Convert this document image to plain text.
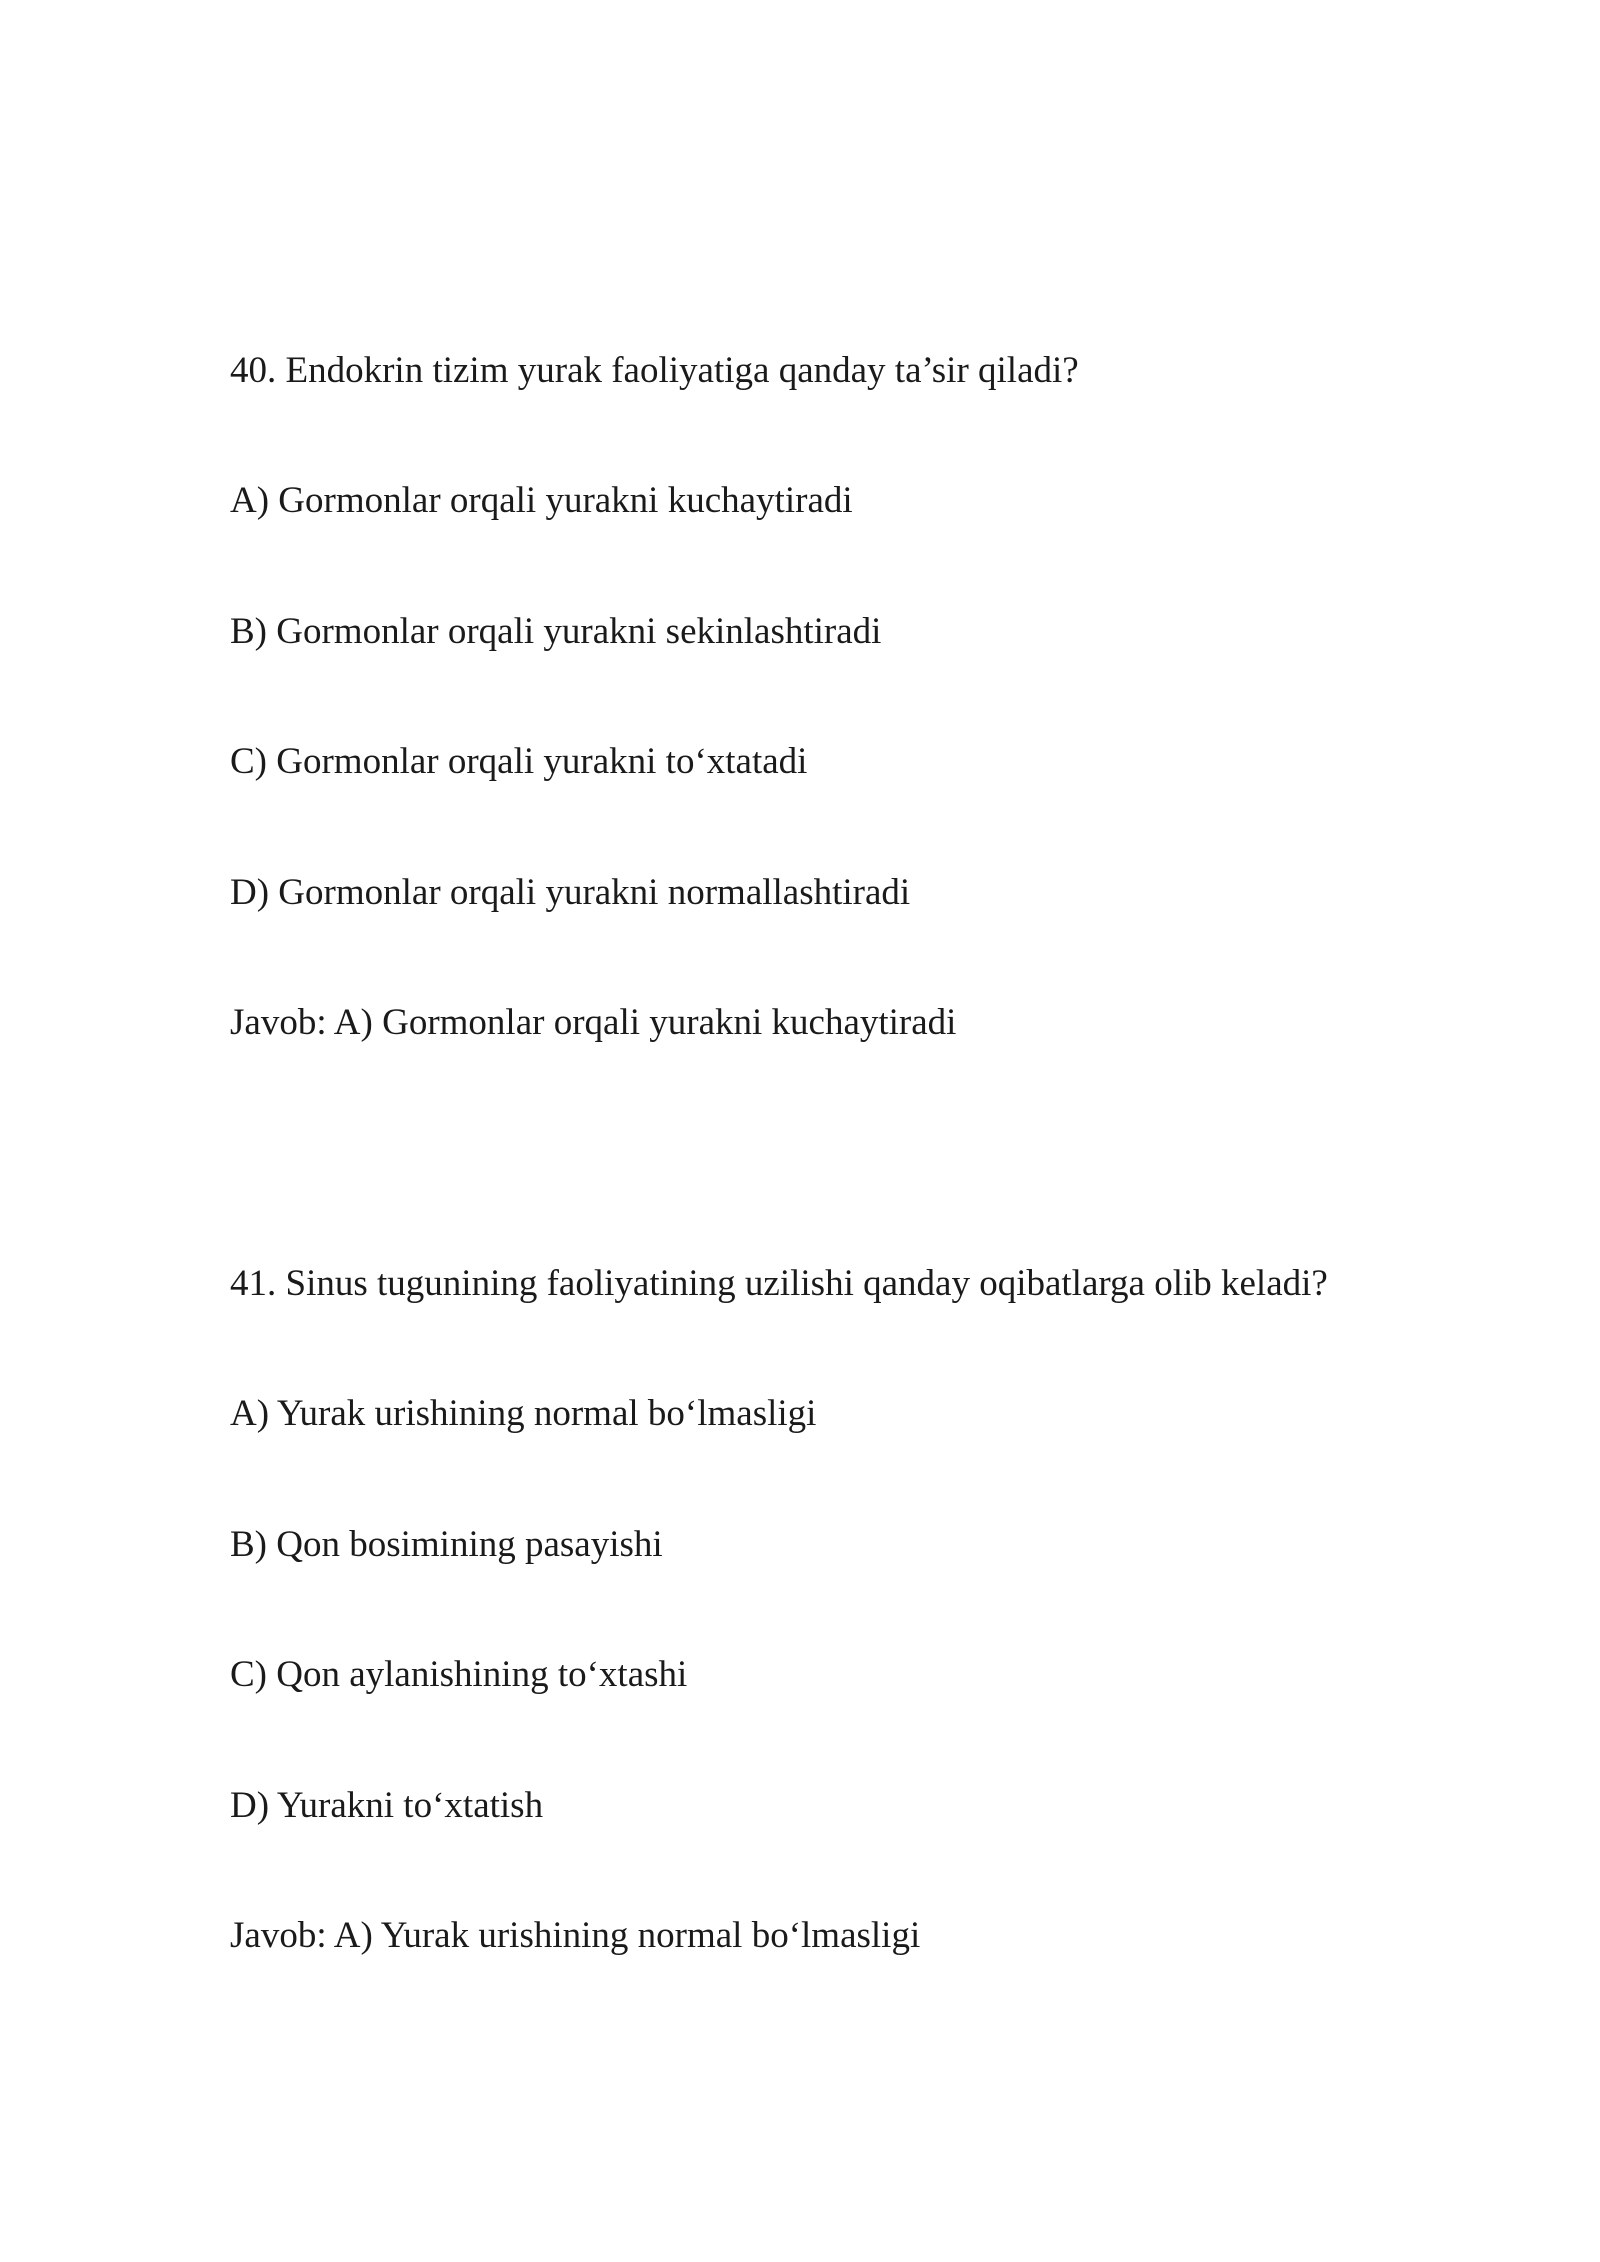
40. Endokrin tizim yurak faoliyatiga qanday ta’sir qiladi?
A) Gormonlar orqali yurakni kuchaytiradi
B) Gormonlar orqali yurakni sekinlashtiradi
C) Gormonlar orqali yurakni to‘xtatadi
D) Gormonlar orqali yurakni normallashtiradi
Javob: A) Gormonlar orqali yurakni kuchaytiradi
41. Sinus tugunining faoliyatining uzilishi qanday oqibatlarga olib keladi?
A) Yurak urishining normal bo‘lmasligi
B) Qon bosimining pasayishi
C) Qon aylanishining to‘xtashi
D) Yurakni to‘xtatish
Javob: A) Yurak urishining normal bo‘lmasligi
